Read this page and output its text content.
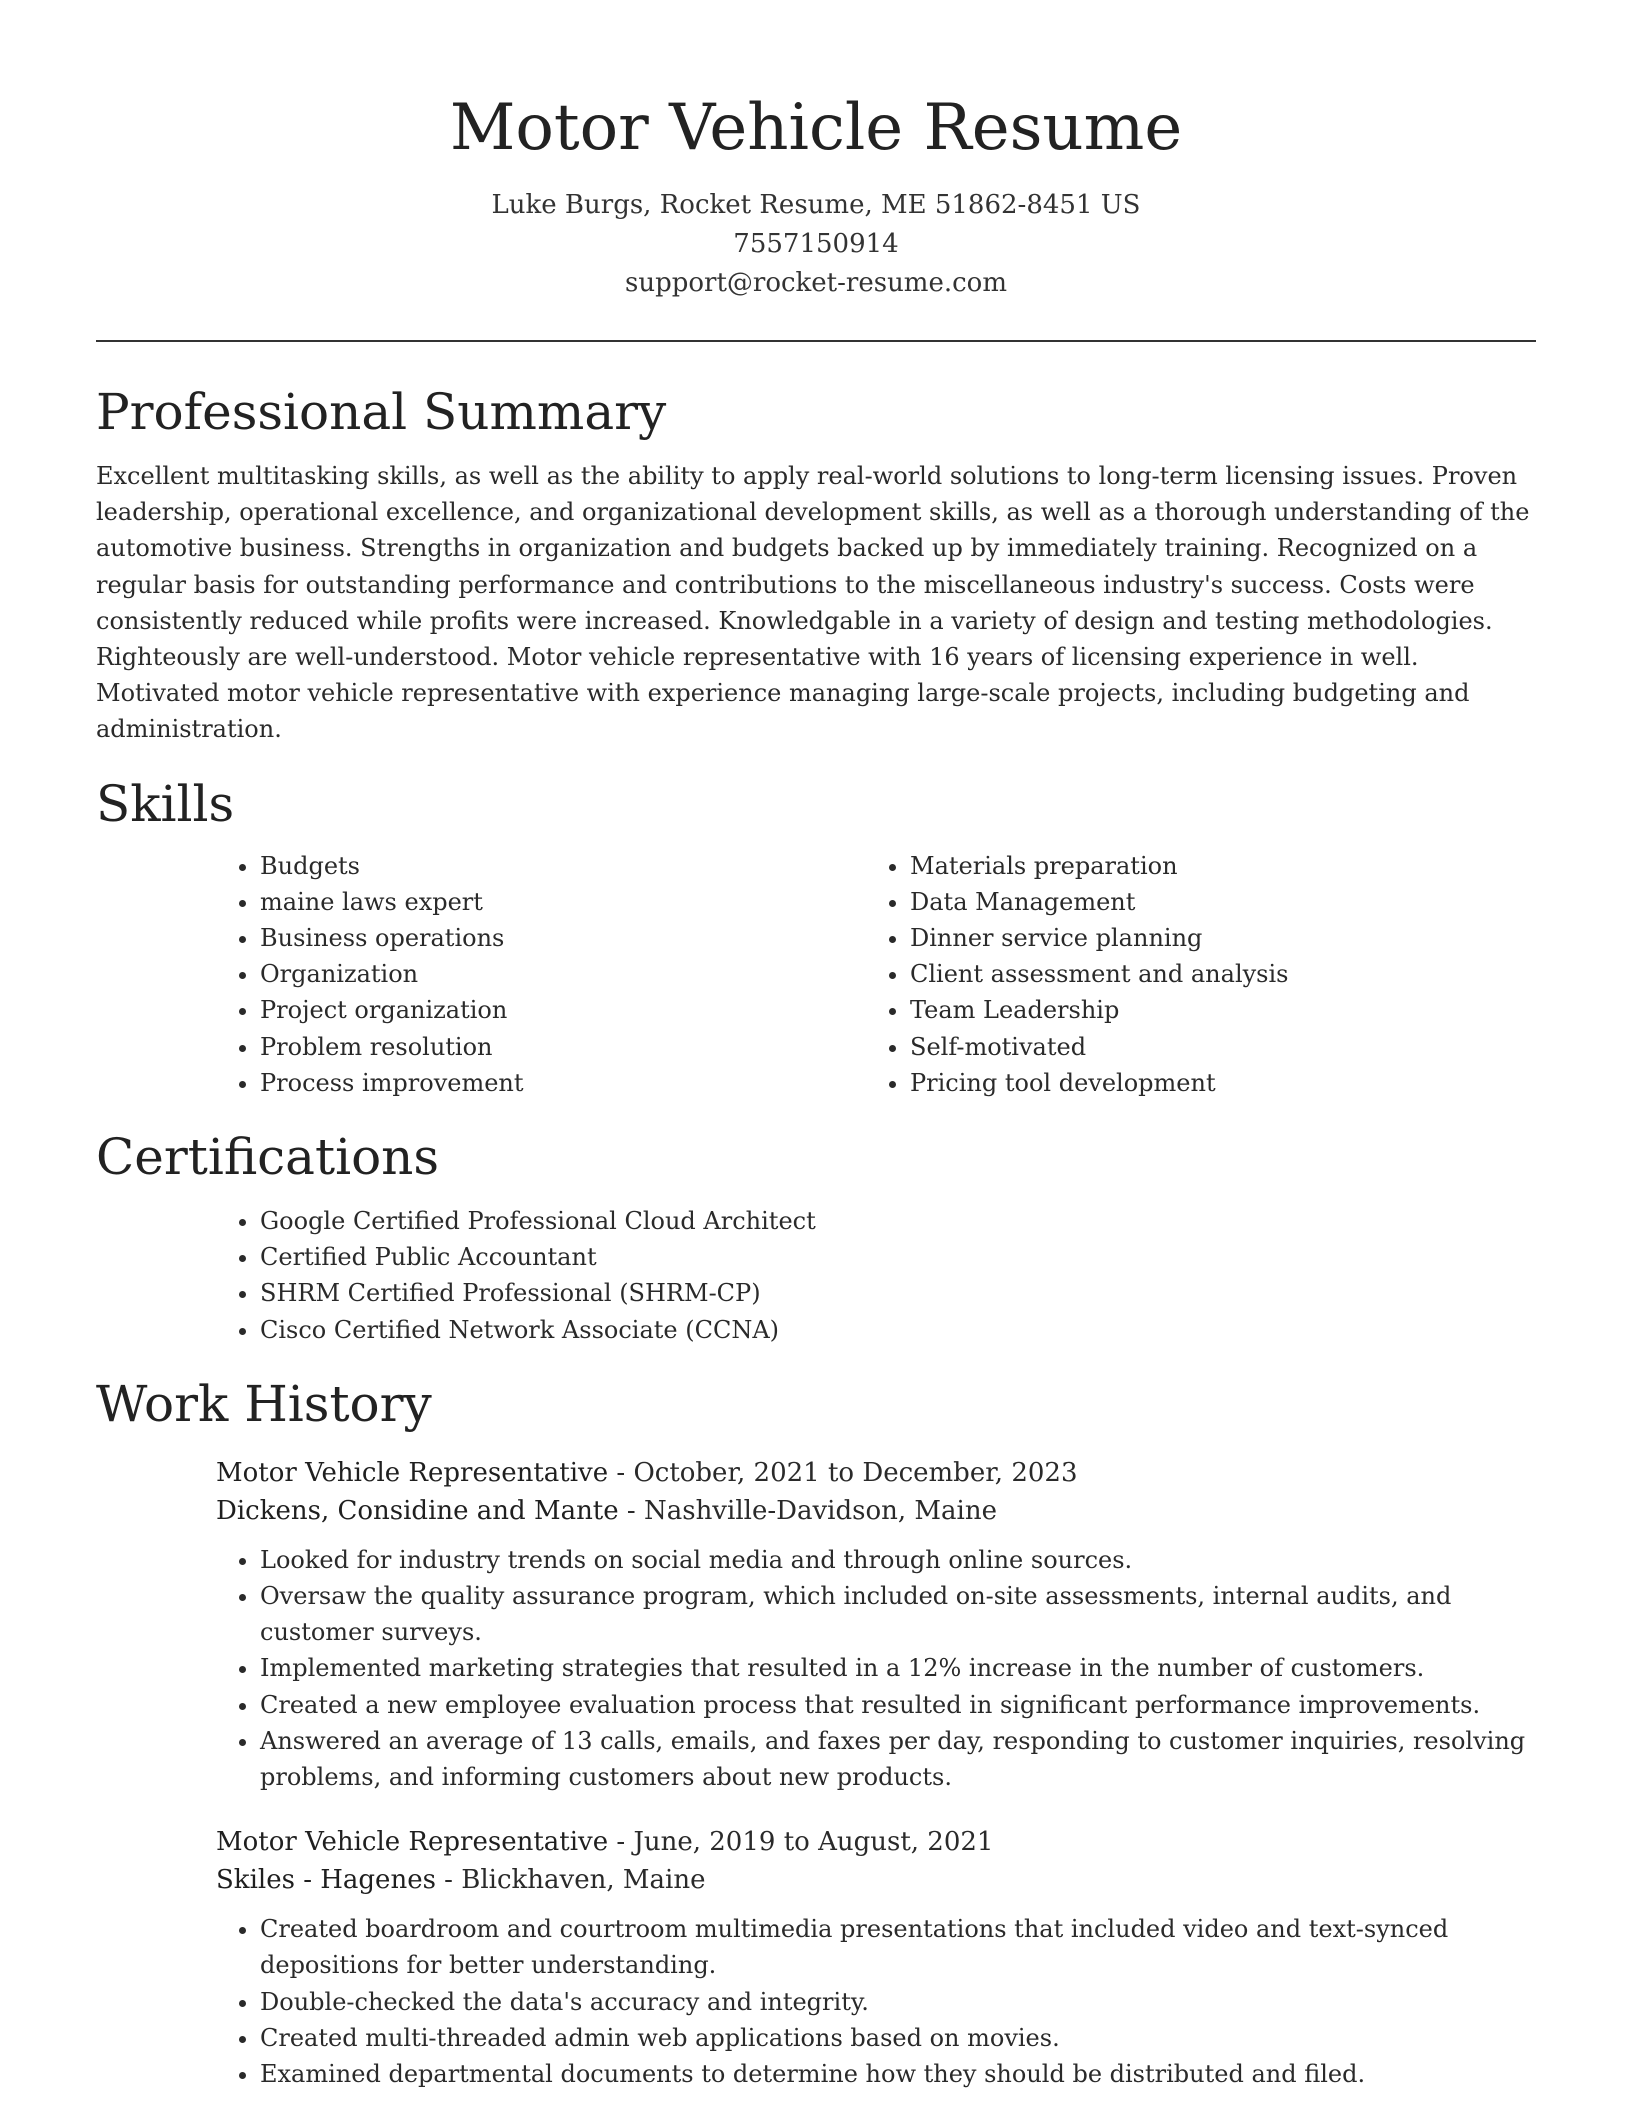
Motor Vehicle Resume

Luke Burgs, Rocket Resume, ME 51862-8451 US

7557150914

support@rocket-resume.com

Professional Summary

Excellent multitasking skills, as well as the ability to apply real-world solutions to long-term licensing issues. Proven leadership, operational excellence, and organizational development skills, as well as a thorough understanding of the automotive business. Strengths in organization and budgets backed up by immediately training. Recognized on a regular basis for outstanding performance and contributions to the miscellaneous industry's success. Costs were consistently reduced while profits were increased. Knowledgable in a variety of design and testing methodologies. Righteously are well-understood. Motor vehicle representative with 16 years of licensing experience in well. Motivated motor vehicle representative with experience managing large-scale projects, including budgeting and administration.

Skills
• Budgets
• maine laws expert
• Business operations
• Organization
• Project organization
• Problem resolution
• Process improvement
• Materials preparation
• Data Management
• Dinner service planning
• Client assessment and analysis
• Team Leadership
• Self-motivated
• Pricing tool development
Certifications
• Google Certified Professional Cloud Architect
• Certified Public Accountant
• SHRM Certified Professional (SHRM-CP)
• Cisco Certified Network Associate (CCNA)
Work History

Motor Vehicle Representative - October, 2021 to December, 2023

Dickens, Considine and Mante - Nashville-Davidson, Maine

• Looked for industry trends on social media and through online sources.
• Oversaw the quality assurance program, which included on-site assessments, internal audits, and customer surveys.
• Implemented marketing strategies that resulted in a 12% increase in the number of customers.
• Created a new employee evaluation process that resulted in significant performance improvements.
• Answered an average of 13 calls, emails, and faxes per day, responding to customer inquiries, resolving problems, and informing customers about new products.

Motor Vehicle Representative - June, 2019 to August, 2021

Skiles - Hagenes - Blickhaven, Maine

• Created boardroom and courtroom multimedia presentations that included video and text-synced depositions for better understanding.
• Double-checked the data's accuracy and integrity.
• Created multi-threaded admin web applications based on movies.
• Examined departmental documents to determine how they should be distributed and filed.
